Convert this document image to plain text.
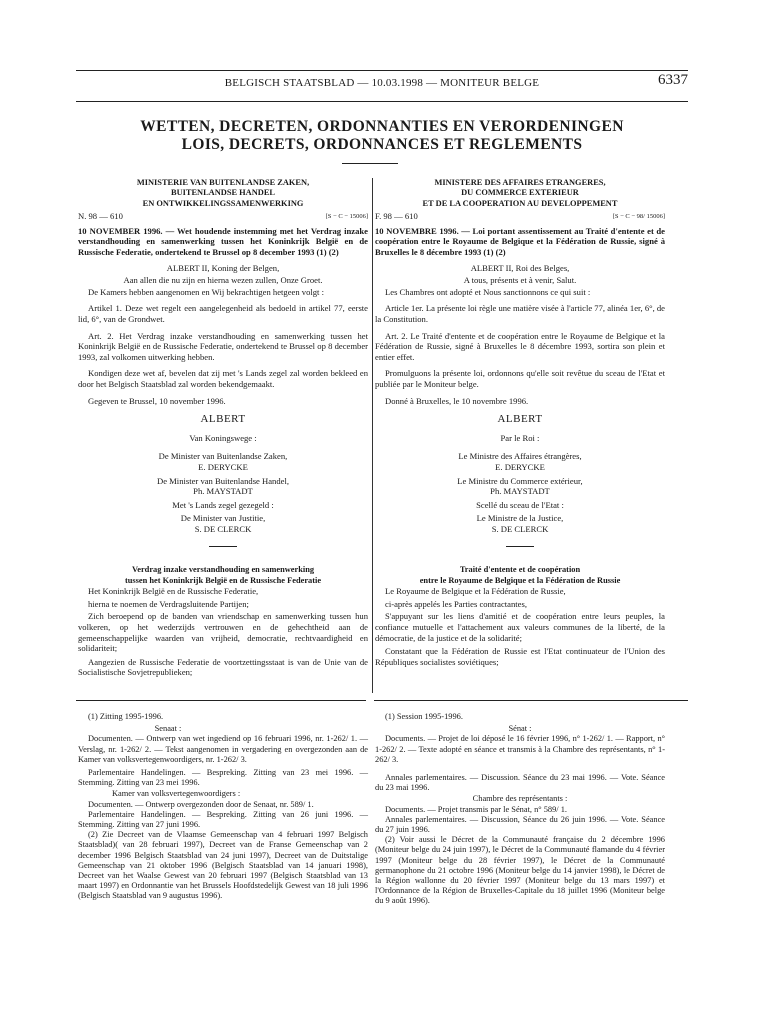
BELGISCH STAATSBLAD — 10.03.1998 — MONITEUR BELGE	6337
WETTEN, DECRETEN, ORDONNANTIES EN VERORDENINGEN
LOIS, DECRETS, ORDONNANCES ET REGLEMENTS
MINISTERIE VAN BUITENLANDSE ZAKEN,
BUITENLANDSE HANDEL
EN ONTWIKKELINGSSAMENWERKING
N. 98 — 610	[S − C − 15006]

10 NOVEMBER 1996. — Wet houdende instemming met het Verdrag inzake verstandhouding en samenwerking tussen het Koninkrijk België en de Russische Federatie, ondertekend te Brussel op 8 december 1993 (1) (2)

ALBERT II, Koning der Belgen,

Aan allen die nu zijn en hierna wezen zullen, Onze Groet.

De Kamers hebben aangenomen en Wij bekrachtigen hetgeen volgt :

Artikel 1. Deze wet regelt een aangelegenheid als bedoeld in artikel 77, eerste lid, 6°, van de Grondwet.

Art. 2. Het Verdrag inzake verstandhouding en samenwerking tussen het Koninkrijk België en de Russische Federatie, ondertekend te Brussel op 8 december 1993, zal volkomen uitwerking hebben.

Kondigen deze wet af, bevelen dat zij met 's Lands zegel zal worden bekleed en door het Belgisch Staatsblad zal worden bekendgemaakt.

Gegeven te Brussel, 10 november 1996.

ALBERT

Van Koningswege :

De Minister van Buitenlandse Zaken,

E. DERYCKE

De Minister van Buitenlandse Handel,

Ph. MAYSTADT

Met 's Lands zegel gezegeld :

De Minister van Justitie,

S. DE CLERCK

Verdrag inzake verstandhouding en samenwerking
tussen het Koninkrijk België en de Russische Federatie

Het Koninkrijk België en de Russische Federatie,

hierna te noemen de Verdragsluitende Partijen;

Zich beroepend op de banden van vriendschap en samenwerking tussen hun volkeren, op het wederzijds vertrouwen en de gehechtheid aan de gemeenschappelijke waarden van vrijheid, democratie, rechtvaardigheid en solidariteit;

Aangezien de Russische Federatie de voortzettingsstaat is van de Unie van de Socialistische Sovjetrepublieken;

MINISTERE DES AFFAIRES ETRANGERES,
DU COMMERCE EXTERIEUR
ET DE LA COOPERATION AU DEVELOPPEMENT
F. 98 — 610	[S − C − 98/ 15006]

10 NOVEMBRE 1996. — Loi portant assentissement au Traité d'entente et de coopération entre le Royaume de Belgique et la Fédération de Russie, signé à Bruxelles le 8 décembre 1993 (1) (2)

ALBERT II, Roi des Belges,

A tous, présents et à venir, Salut.

Les Chambres ont adopté et Nous sanctionnons ce qui suit :

Article 1er. La présente loi règle une matière visée à l'article 77, alinéa 1er, 6°, de la Constitution.

Art. 2. Le Traité d'entente et de coopération entre le Royaume de Belgique et la Fédération de Russie, signé à Bruxelles le 8 décembre 1993, sortira son plein et entier effet.

Promulguons la présente loi, ordonnons qu'elle soit revêtue du sceau de l'Etat et publiée par le Moniteur belge.

Donné à Bruxelles, le 10 novembre 1996.

ALBERT

Par le Roi :

Le Ministre des Affaires étrangères,

E. DERYCKE

Le Ministre du Commerce extérieur,

Ph. MAYSTADT

Scellé du sceau de l'Etat :

Le Ministre de la Justice,

S. DE CLERCK

Traité d'entente et de coopération
entre le Royaume de Belgique et la Fédération de Russie

Le Royaume de Belgique et la Fédération de Russie,

ci-après appelés les Parties contractantes,

S'appuyant sur les liens d'amitié et de coopération entre leurs peuples, la confiance mutuelle et l'attachement aux valeurs communes de la liberté, de la démocratie, de la justice et de la solidarité;

Constatant que la Fédération de Russie est l'Etat continuateur de l'Union des Républiques socialistes soviétiques;

(1) Zitting 1995-1996.

Senaat :

Documenten. — Ontwerp van wet ingediend op 16 februari 1996, nr. 1-262/ 1. — Verslag, nr. 1-262/ 2. — Tekst aangenomen in vergadering en overgezonden aan de Kamer van volksvertegenwoordigers, nr. 1-262/ 3.

Parlementaire Handelingen. — Bespreking. Zitting van 23 mei 1996. — Stemming. Zitting van 23 mei 1996.

Kamer van volksvertegenwoordigers :

Documenten. — Ontwerp overgezonden door de Senaat, nr. 589/ 1.

Parlementaire Handelingen. — Bespreking. Zitting van 26 juni 1996. — Stemming. Zitting van 27 juni 1996.

(2) Zie Decreet van de Vlaamse Gemeenschap van 4 februari 1997 Belgisch Staatsblad)( van 28 februari 1997), Decreet van de Franse Gemeenschap van 2 december 1996 Belgisch Staatsblad van 24 juni 1997), Decreet van de Duitstalige Gemeenschap van 21 oktober 1996 (Belgisch Staatsblad van 14 januari 1998), Decreet van het Waalse Gewest van 20 februari 1997 (Belgisch Staatsblad van 13 maart 1997) en Ordonnantie van het Brussels Hoofdstedelijk Gewest van 18 juli 1996 (Belgisch Staatsblad van 9 augustus 1996).

(1) Session 1995-1996.

Sénat :

Documents. — Projet de loi déposé le 16 février 1996, n° 1-262/ 1. — Rapport, n° 1-262/ 2. — Texte adopté en séance et transmis à la Chambre des représentants, n° 1-262/ 3.

Annales parlementaires. — Discussion. Séance du 23 mai 1996. — Vote. Séance du 23 mai 1996.

Chambre des représentants :

Documents. — Projet transmis par le Sénat, n° 589/ 1.

Annales parlementaires. — Discussion, Séance du 26 juin 1996. — Vote. Séance du 27 juin 1996.

(2) Voir aussi le Décret de la Communauté française du 2 décembre 1996 (Moniteur belge du 24 juin 1997), le Décret de la Communauté flamande du 4 février 1997 (Moniteur belge du 28 février 1997), le Décret de la Communauté germanophone du 21 octobre 1996 (Moniteur belge du 14 janvier 1998), le Décret de la Région wallonne du 20 février 1997 (Moniteur belge du 13 mars 1997) et l'Ordonnance de la Région de Bruxelles-Capitale du 18 juillet 1996 (Moniteur belge du 9 août 1996).
